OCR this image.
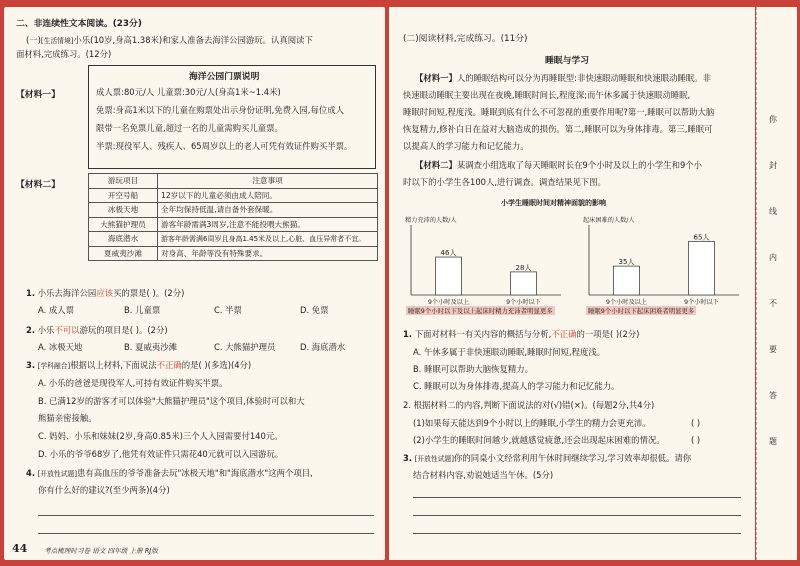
二、非连续性文本阅读。(23分)
(一)[生活情境]小乐(10岁,身高1.38米)和家人准备去海洋公园游玩。认真阅读下
面材料,完成练习。(12分)
【材料一】
海洋公园门票说明
成人票:80元/人 儿童票:30元/人(身高1米~1.4米)
免票:身高1米以下的儿童在购票处出示身份证明,免费入园,每位成人
限带一名免票儿童,超过一名的儿童需购买儿童票。
半票:现役军人、残疾人、65周岁以上的老人可凭有效证件购买半票。
【材料二】	游玩项目	注意事项
开空号船	12岁以下的儿童必须由成人陪同。
冰极天地	全年均保持低温,请自备外套保暖。
大熊猫护理员	游客年龄需满3周岁,注意不能投喂大熊猫。
海底潜水	游客年龄需满6周岁且身高1.45米及以上,心脏、血压异常者不宜。
夏威夷沙滩	对身高、年龄等没有特殊要求。
1. 小乐去海洋公园应该买的票是( )。(2分)
A. 成人票	B. 儿童票	C. 半票	D. 免票
2. 小乐不可以游玩的项目是( )。(2分)
A. 冰极天地	B. 夏威夷沙滩	C. 大熊猫护理员	D. 海底潜水
3. [学科融合]根据以上材料,下面说法不正确的是( )(多选)(4分)
A. 小乐的爸爸是现役军人,可持有效证件购买半票。
B. 已满12岁的游客才可以体验"大熊猫护理员"这个项目,体验时可以和大
熊猫亲密接触。
C. 妈妈、小乐和妹妹(2岁,身高0.85米)三个人入园需要付140元。
D. 小乐的爷爷68岁了,他凭有效证件只需花40元就可以入园游玩。
4. [开放性试题]患有高血压的爷爷准备去玩"冰极天地"和"海底潜水"这两个项目,
你有什么好的建议?(至少两条)(4分)
44	考点梳理时习卷 语文 四年级 上册 RJ版
(二)阅读材料,完成练习。(11分)
睡眠与学习
【材料一】人的睡眠结构可以分为再睡眠型:非快速眼动睡眠和快速眼动睡眠。非
快速眼动睡眠主要出现在夜晚,睡眠时间长,程度深;而午休多属于快速眼动睡眠,
睡眠时间短,程度浅。睡眠到底有什么不可忽视的重要作用呢?第一,睡眠可以帮助大脑
恢复精力,修补白日在益对大脑造成的损伤。第二,睡眠可以为身体排毒。第三,睡眠可
以提高人的学习能力和记忆能力。
【材料二】某调查小组选取了每天睡眠时长在9个小时及以上的小学生和9个小
时以下的小学生各100人,进行调查。调查结果见下图。
小学生睡眠时间对精神面貌的影响
精力充沛的人数/人
46人
9个小时及以上
28人
9个小时以下
起床困难的人数/人
35人
9个小时及以上
65人
9个小时以下
睡眠9个小时以下及以上起床时精力充沛者明显更多	睡眠9个小时以下起床困难者明显更多
1. 下面对材料一有关内容的概括与分析,不正确的一项是( )(2分)
A. 午休多属于非快速眼动睡眠,睡眠时间短,程度浅。
B. 睡眠可以帮助大脑恢复精力。
C. 睡眠可以为身体排毒,提高人的学习能力和记忆能力。
2. 根据材料二的内容,判断下面说法的对(√)错(×)。(每题2分,共4分)
(1)如果每天能达到9个小时以上的睡眠,小学生的精力会更充沛。	( )
(2)小学生的睡眠时间越少,就越感觉疲惫,还会出现起床困难的情况。	( )
3. [开放性试题]你的同桌小文经常利用午休时间继续学习,学习效率却很低。请你
结合材料内容,劝说她适当午休。(5分)
你
封
线
内
不
要
答
题
